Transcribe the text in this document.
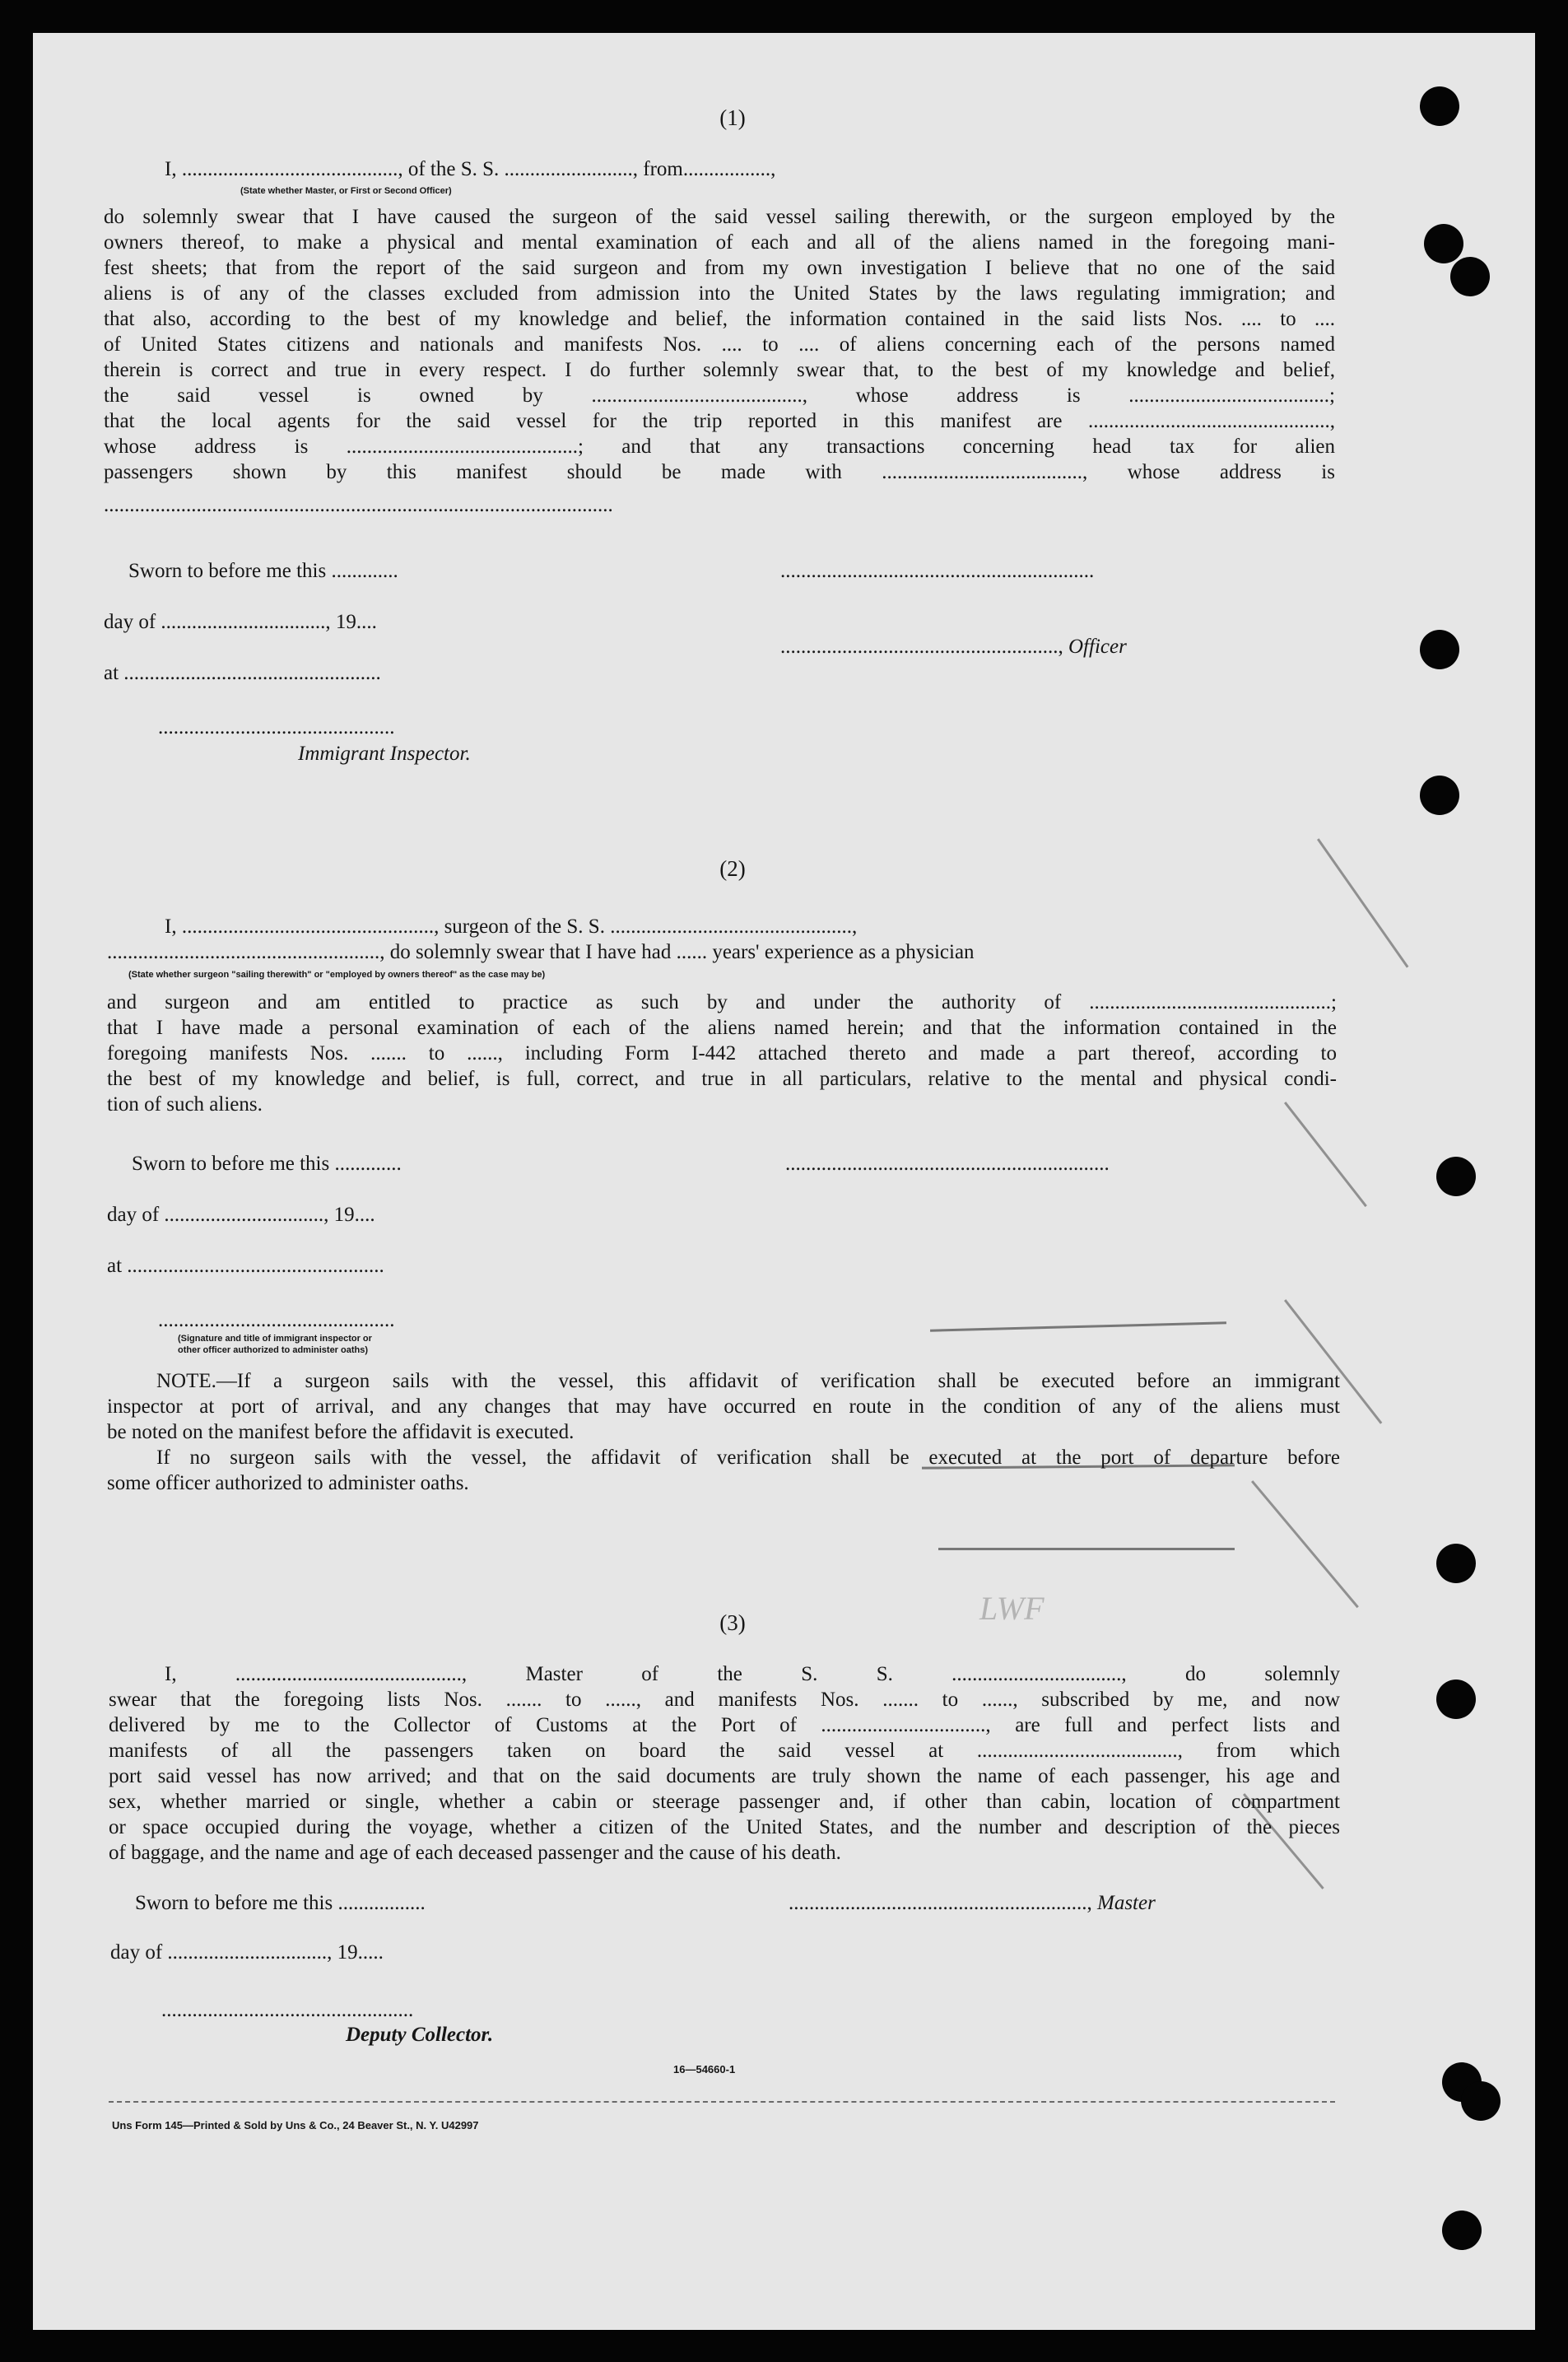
(1)
I, .........................................., of the S. S. ........................., from.................,
(State whether Master, or First or Second Officer)
do solemnly swear that I have caused the surgeon of the said vessel sailing therewith, or the surgeon employed by the
owners thereof, to make a physical and mental examination of each and all of the aliens named in the foregoing mani-
fest sheets; that from the report of the said surgeon and from my own investigation I believe that no one of the said
aliens is of any of the classes excluded from admission into the United States by the laws regulating immigration; and
that also, according to the best of my knowledge and belief, the information contained in the said lists Nos. .... to ....
of United States citizens and nationals and manifests Nos. .... to .... of aliens concerning each of the persons named
therein is correct and true in every respect. I do further solemnly swear that, to the best of my knowledge and belief,
the said vessel is owned by ........................................., whose address is .......................................;
that the local agents for the said vessel for the trip reported in this manifest are ...............................................,
whose address is .............................................; and that any transactions concerning head tax for alien
passengers shown by this manifest should be made with ......................................., whose address is
...................................................................................................
Sworn to before me this .............	.............................................................
day of ................................, 19....
......................................................, Officer
at ..................................................
..............................................
Immigrant Inspector.
(2)
I, ................................................., surgeon of the S. S. ...............................................,
....................................................., do solemnly swear that I have had ...... years' experience as a physician
(State whether surgeon "sailing therewith" or "employed by owners thereof" as the case may be)
and surgeon and am entitled to practice as such by and under the authority of ...............................................;
that I have made a personal examination of each of the aliens named herein; and that the information contained in the
foregoing manifests Nos. ....... to ......, including Form I-442 attached thereto and made a part thereof, according to
the best of my knowledge and belief, is full, correct, and true in all particulars, relative to the mental and physical condi-
tion of such aliens.
Sworn to before me this .............	...............................................................
day of ..............................., 19....
at ..................................................
..............................................
(Signature and title of immigrant inspector or
other officer authorized to administer oaths)
NOTE.—If a surgeon sails with the vessel, this affidavit of verification shall be executed before an immigrant
inspector at port of arrival, and any changes that may have occurred en route in the condition of any of the aliens must
be noted on the manifest before the affidavit is executed.
If no surgeon sails with the vessel, the affidavit of verification shall be executed at the port of departure before
some officer authorized to administer oaths.
LWF
(3)
I, ............................................, Master of the S. S. ................................., do solemnly
swear that the foregoing lists Nos. ....... to ......, and manifests Nos. ....... to ......, subscribed by me, and now
delivered by me to the Collector of Customs at the Port of ................................, are full and perfect lists and
manifests of all the passengers taken on board the said vessel at ......................................., from which
port said vessel has now arrived; and that on the said documents are truly shown the name of each passenger, his age and
sex, whether married or single, whether a cabin or steerage passenger and, if other than cabin, location of compartment
or space occupied during the voyage, whether a citizen of the United States, and the number and description of the pieces
of baggage, and the name and age of each deceased passenger and the cause of his death.
Sworn to before me this .................	.........................................................., Master
day of ..............................., 19.....
.................................................
Deputy Collector.
16—54660-1
Uns Form 145—Printed & Sold by Uns & Co., 24 Beaver St., N. Y. U42997
